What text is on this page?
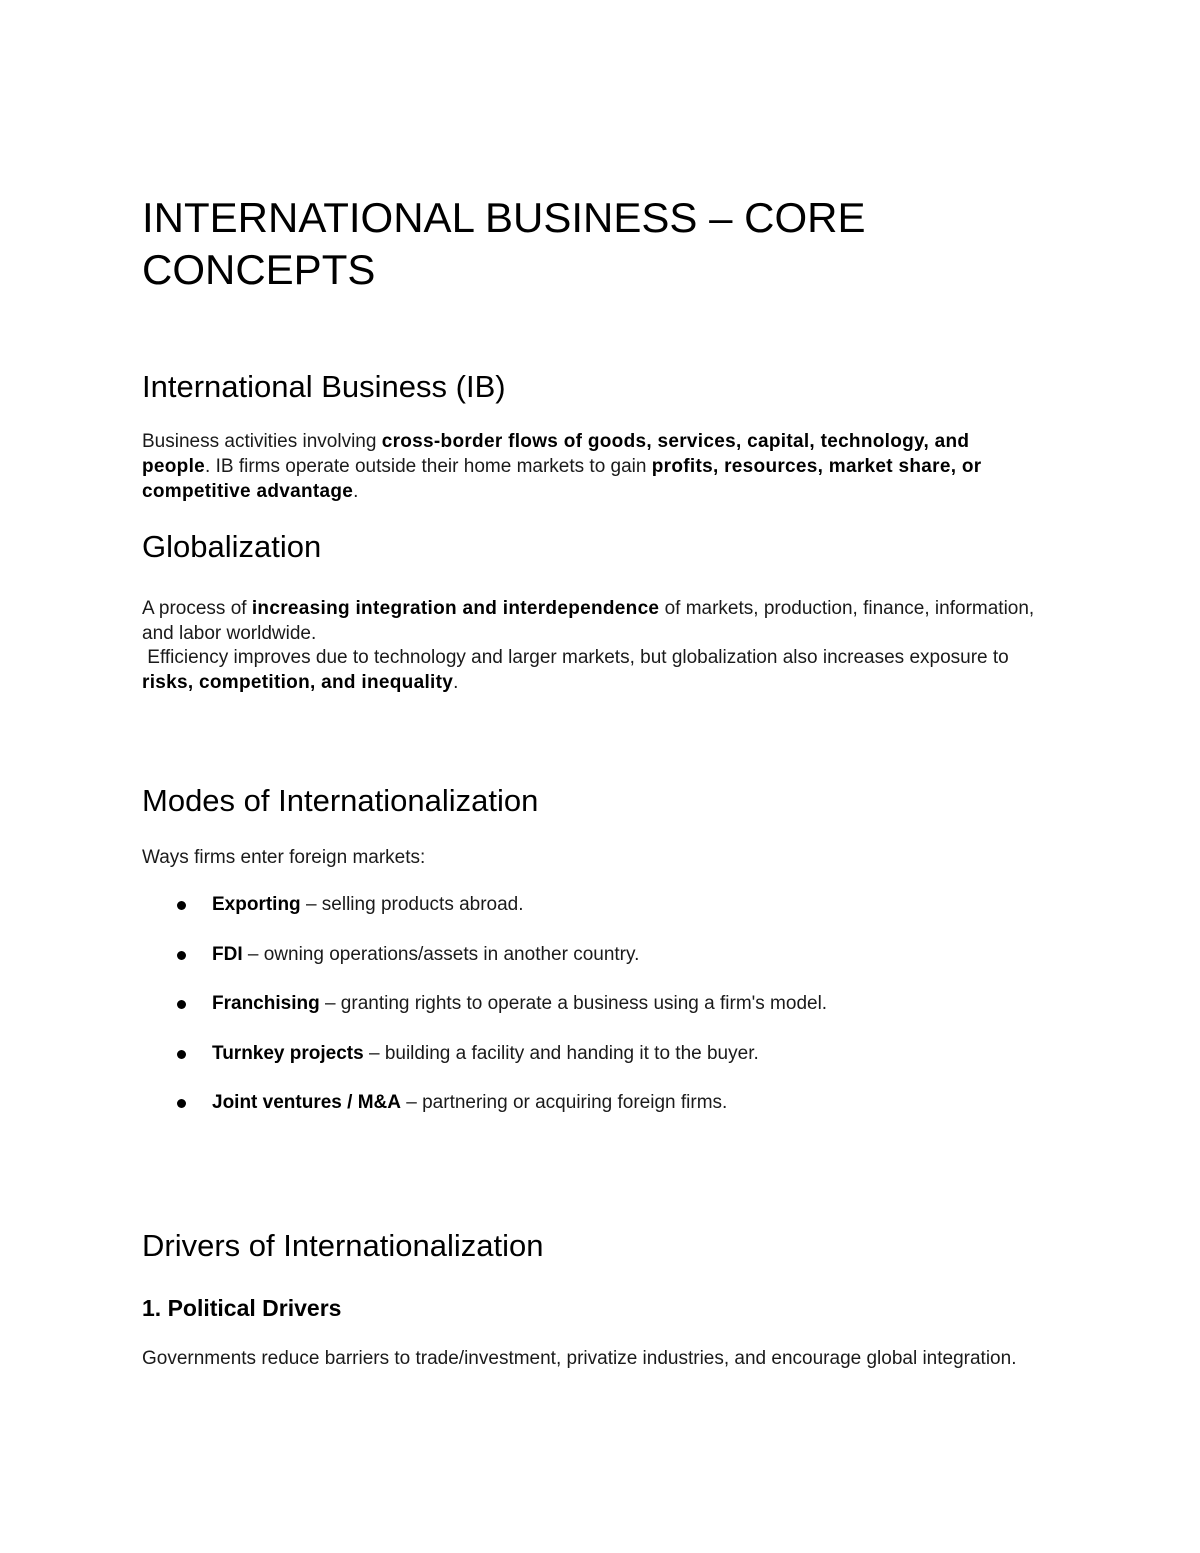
INTERNATIONAL BUSINESS – CORE CONCEPTS
International Business (IB)

Business activities involving cross-border flows of goods, services, capital, technology, and people. IB firms operate outside their home markets to gain profits, resources, market share, or competitive advantage.

Globalization

A process of increasing integration and interdependence of markets, production, finance, information, and labor worldwide.

Efficiency improves due to technology and larger markets, but globalization also increases exposure to risks, competition, and inequality.

Modes of Internationalization

Ways firms enter foreign markets:

Exporting – selling products abroad.
FDI – owning operations/assets in another country.
Franchising – granting rights to operate a business using a firm's model.
Turnkey projects – building a facility and handing it to the buyer.
Joint ventures / M&A – partnering or acquiring foreign firms.
Drivers of Internationalization
1. Political Drivers

Governments reduce barriers to trade/investment, privatize industries, and encourage global integration.
